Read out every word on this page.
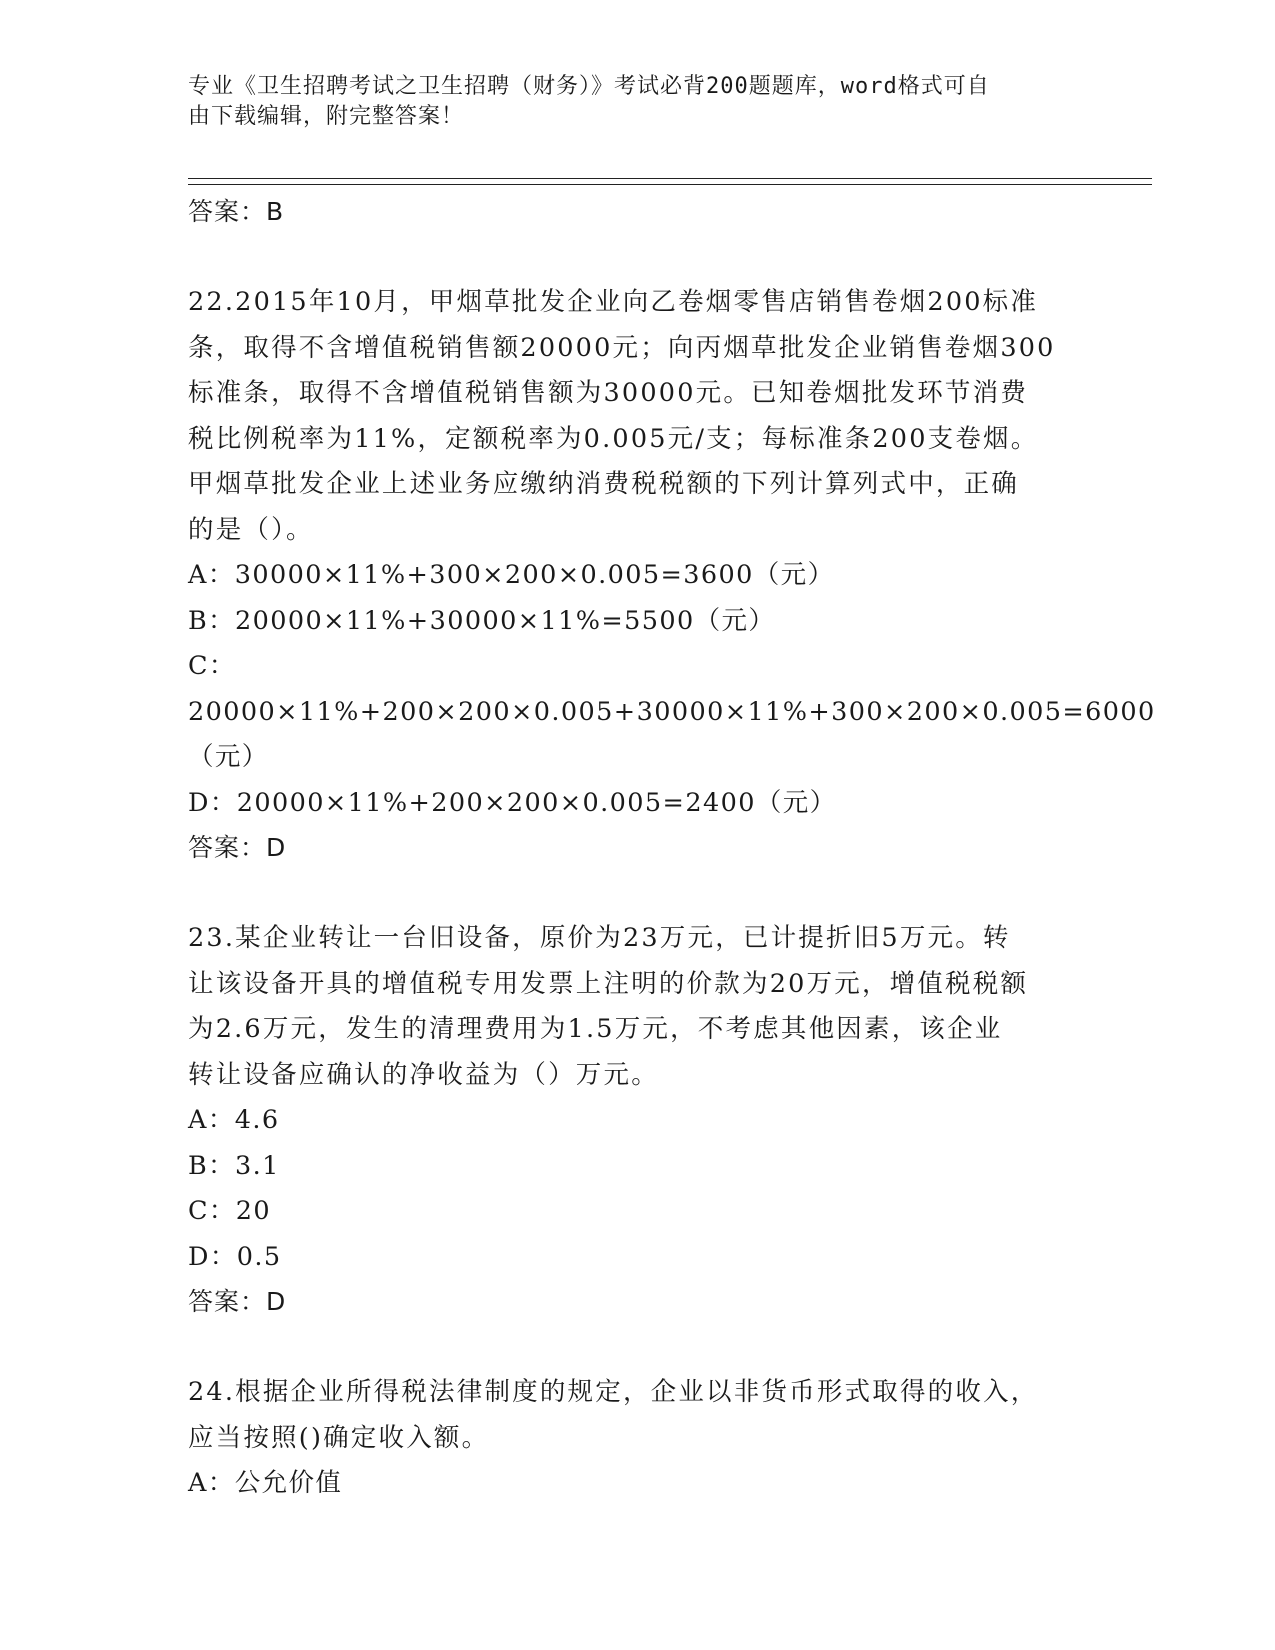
专业《卫生招聘考试之卫生招聘（财务）》考试必背200题题库，word格式可自
由下载编辑，附完整答案！
答案：B
22.2015年10月，甲烟草批发企业向乙卷烟零售店销售卷烟200标准
条，取得不含增值税销售额20000元；向丙烟草批发企业销售卷烟300
标准条，取得不含增值税销售额为30000元。已知卷烟批发环节消费
税比例税率为11%，定额税率为0.005元/支；每标准条200支卷烟。
甲烟草批发企业上述业务应缴纳消费税税额的下列计算列式中，正确
的是（）。
A：30000×11%+300×200×0.005=3600（元）
B：20000×11%+30000×11%=5500（元）
C：20000×11%+200×200×0.005+30000×11%+300×200×0.005=6000
（元）
D：20000×11%+200×200×0.005=2400（元）
答案：D
23.某企业转让一台旧设备，原价为23万元，已计提折旧5万元。转
让该设备开具的增值税专用发票上注明的价款为20万元，增值税税额
为2.6万元，发生的清理费用为1.5万元，不考虑其他因素，该企业
转让设备应确认的净收益为（）万元。
A：4.6
B：3.1
C：20
D：0.5
答案：D
24.根据企业所得税法律制度的规定，企业以非货币形式取得的收入，
应当按照()确定收入额。
A：公允价值
